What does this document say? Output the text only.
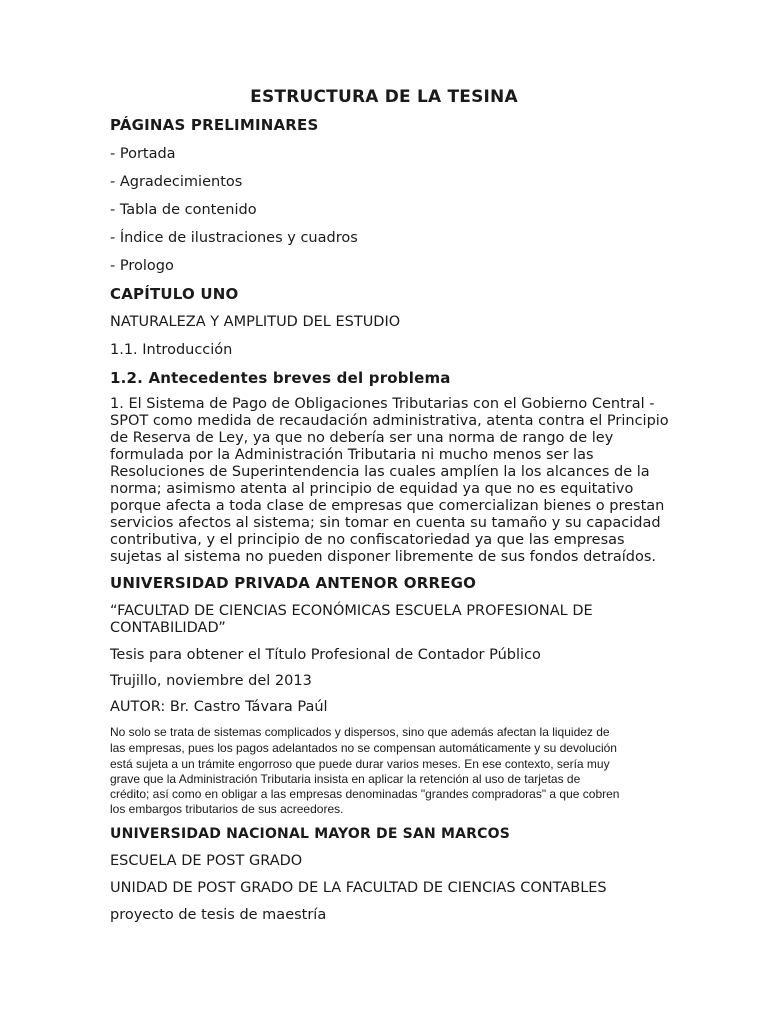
ESTRUCTURA DE LA TESINA
PÁGINAS PRELIMINARES
- Portada
- Agradecimientos
- Tabla de contenido
- Índice de ilustraciones y cuadros
- Prologo
CAPÍTULO UNO
NATURALEZA Y AMPLITUD DEL ESTUDIO
1.1. Introducción
1.2. Antecedentes breves del problema
1. El Sistema de Pago de Obligaciones Tributarias con el Gobierno Central -
SPOT como medida de recaudación administrativa, atenta contra el Principio
de Reserva de Ley, ya que no debería ser una norma de rango de ley
formulada por la Administración Tributaria ni mucho menos ser las
Resoluciones de Superintendencia las cuales amplíen la los alcances de la
norma; asimismo atenta al principio de equidad ya que no es equitativo
porque afecta a toda clase de empresas que comercializan bienes o prestan
servicios afectos al sistema; sin tomar en cuenta su tamaño y su capacidad
contributiva, y el principio de no confiscatoriedad ya que las empresas
sujetas al sistema no pueden disponer libremente de sus fondos detraídos.
UNIVERSIDAD PRIVADA ANTENOR ORREGO
“FACULTAD DE CIENCIAS ECONÓMICAS ESCUELA PROFESIONAL DE
CONTABILIDAD”
Tesis para obtener el Título Profesional de Contador Público
Trujillo, noviembre del 2013
AUTOR: Br. Castro Távara Paúl
No solo se trata de sistemas complicados y dispersos, sino que además afectan la liquidez de
las empresas, pues los pagos adelantados no se compensan automáticamente y su devolución
está sujeta a un trámite engorroso que puede durar varios meses. En ese contexto, sería muy
grave que la Administración Tributaria insista en aplicar la retención al uso de tarjetas de
crédito; así como en obligar a las empresas denominadas "grandes compradoras" a que cobren
los embargos tributarios de sus acreedores.
UNIVERSIDAD NACIONAL MAYOR DE SAN MARCOS
ESCUELA DE POST GRADO
UNIDAD DE POST GRADO DE LA FACULTAD DE CIENCIAS CONTABLES
proyecto de tesis de maestría
